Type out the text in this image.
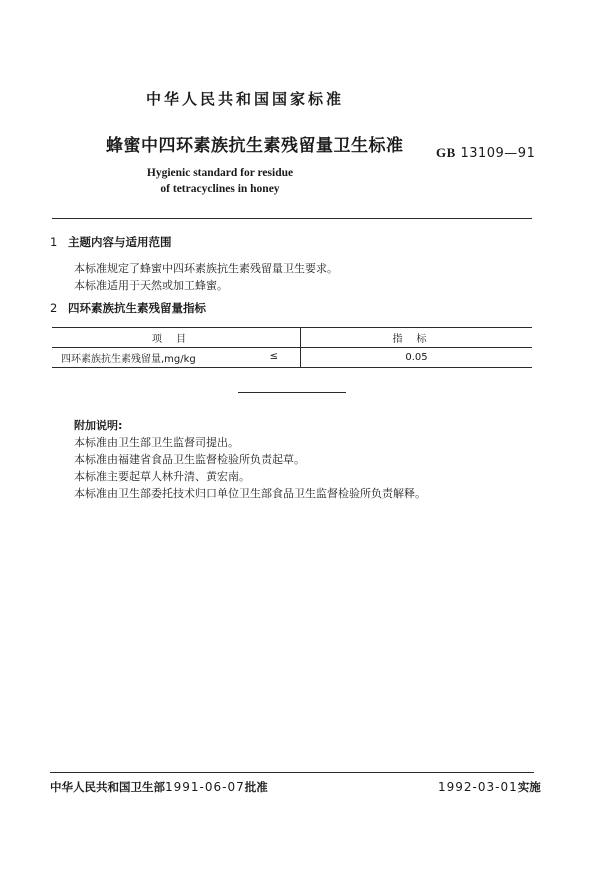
中华人民共和国国家标准
蜂蜜中四环素族抗生素残留量卫生标准	GB 13109—91
Hygienic standard for residue
of tetracyclines in honey
1 主题内容与适用范围
本标准规定了蜂蜜中四环素族抗生素残留量卫生要求。
本标准适用于天然或加工蜂蜜。
2 四环素族抗生素残留量指标
项目	指标
四环素族抗生素残留量,mg/kg ≤	0.05
附加说明:
本标准由卫生部卫生监督司提出。
本标准由福建省食品卫生监督检验所负责起草。
本标准主要起草人林升清、黄宏南。
本标准由卫生部委托技术归口单位卫生部食品卫生监督检验所负责解释。
中华人民共和国卫生部1991-06-07批准	1992-03-01实施
